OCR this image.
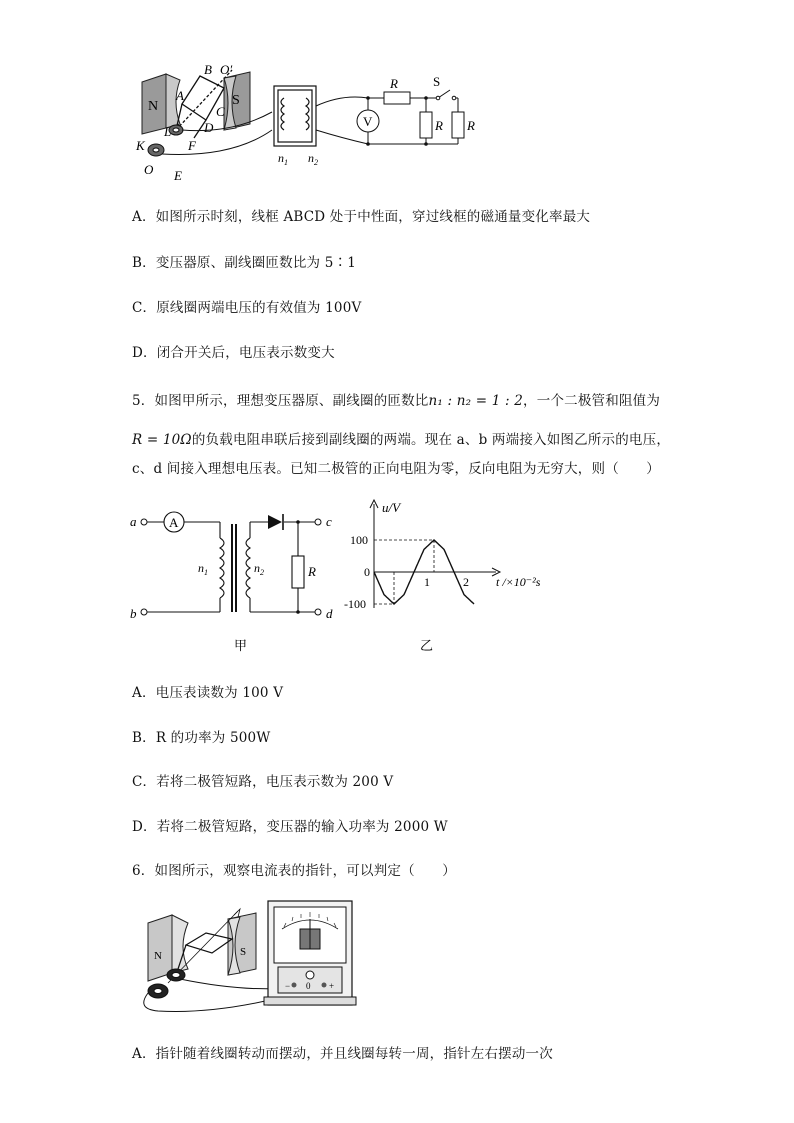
N	S
B O′
A
C
D
L
F
K
O E
$n_1$ $n_2$
V
R	S
R R
A．如图所示时刻，线框 ABCD 处于中性面，穿过线框的磁通量变化率最大
B．变压器原、副线圈匝数比为 5∶1
C．原线圈两端电压的有效值为 100V
D．闭合开关后，电压表示数变大
5．如图甲所示，理想变压器原、副线圈的匝数比n₁ : n₂ = 1 : 2，一个二极管和阻值为
R = 10Ω的负载电阻串联后接到副线圈的两端。现在 a、b 两端接入如图乙所示的电压，
c、d 间接入理想电压表。已知二极管的正向电阻为零，反向电阻为无穷大，则（　　）
A
a
b
c
d
$n_1$	$n_2$	R
甲
u/V
100
0
-100
1	2 t /×10⁻²s
乙
A．电压表读数为 100 V
B．R 的功率为 500W
C．若将二极管短路，电压表示数为 200 V
D．若将二极管短路，变压器的输入功率为 2000 W
6．如图所示，观察电流表的指针，可以判定（　　）
N	S
− 0 +
A．指针随着线圈转动而摆动，并且线圈每转一周，指针左右摆动一次
